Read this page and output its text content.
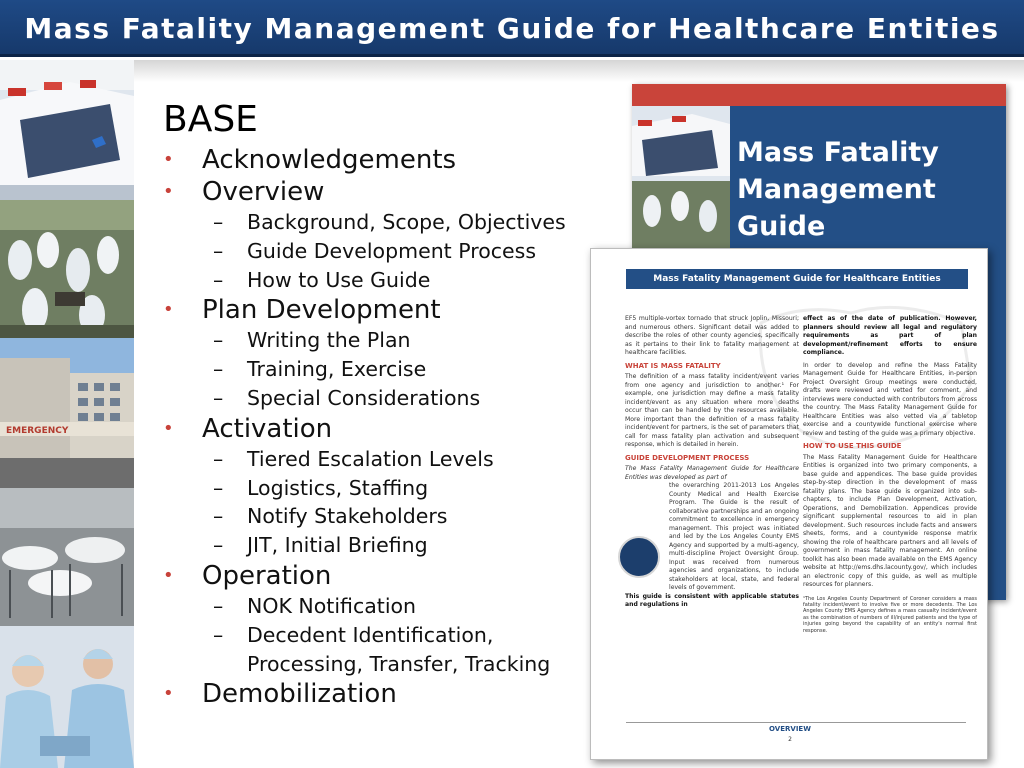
Mass Fatality Management Guide for Healthcare Entities
EMERGENCY
BASE
• Acknowledgements
• Overview
– Background, Scope, Objectives
– Guide Development Process
– How to Use Guide
• Plan Development
– Writing the Plan
– Training, Exercise
– Special Considerations
• Activation
– Tiered Escalation Levels
– Logistics, Staffing
– Notify Stakeholders
– JIT, Initial Briefing
• Operation
– NOK Notification
– Decedent Identification,
Processing, Transfer, Tracking
• Demobilization
Mass Fatality
Management
Guide
Mass Fatality Management Guide for Healthcare Entities

EF5 multiple-vortex tornado that struck Joplin, Missouri; and numerous others. Significant detail was added to describe the roles of other county agencies, specifically as it pertains to their link to fatality management at healthcare facilities.

WHAT IS MASS FATALITY

The definition of a mass fatality incident/event varies from one agency and jurisdiction to another.¹ For example, one jurisdiction may define a mass fatality incident/event as any situation where more deaths occur than can be handled by the resources available. More important than the definition of a mass fatality incident/event for partners, is the set of parameters that call for mass fatality plan activation and subsequent response, which is detailed in herein.

GUIDE DEVELOPMENT PROCESS

The Mass Fatality Management Guide for Healthcare Entities was developed as part of

the overarching 2011-2013 Los Angeles County Medical and Health Exercise Program. The Guide is the result of collaborative partnerships and an ongoing commitment to excellence in emergency management. This project was initiated and led by the Los Angeles County EMS Agency and supported by a multi-agency, multi-discipline Project Oversight Group. Input was received from numerous agencies and organizations, to include stakeholders at local, state, and federal levels of government.

This guide is consistent with applicable statutes and regulations in

effect as of the date of publication. However, planners should review all legal and regulatory requirements as part of plan development/refinement efforts to ensure compliance.

In order to develop and refine the Mass Fatality Management Guide for Healthcare Entities, in-person Project Oversight Group meetings were conducted, drafts were reviewed and vetted for comment, and interviews were conducted with contributors from across the country. The Mass Fatality Management Guide for Healthcare Entities was also vetted via a tabletop exercise and a countywide functional exercise where review and testing of the guide was a primary objective.

HOW TO USE THIS GUIDE

The Mass Fatality Management Guide for Healthcare Entities is organized into two primary components, a base guide and appendices. The base guide provides step-by-step direction in the development of mass fatality plans. The base guide is organized into sub-chapters, to include Plan Development, Activation, Operations, and Demobilization. Appendices provide significant supplemental resources to aid in plan development. Such resources include facts and answers sheets, forms, and a countywide response matrix showing the role of healthcare partners and all levels of government in mass fatality management. An online toolkit has also been made available on the EMS Agency website at http://ems.dhs.lacounty.gov/, which includes an electronic copy of this guide, as well as multiple resources for planners.

¹The Los Angeles County Department of Coroner considers a mass fatality incident/event to involve five or more decedents. The Los Angeles County EMS Agency defines a mass casualty incident/event as the combination of numbers of ill/injured patients and the type of injuries going beyond the capability of an entity's normal first response.

OVERVIEW
2
